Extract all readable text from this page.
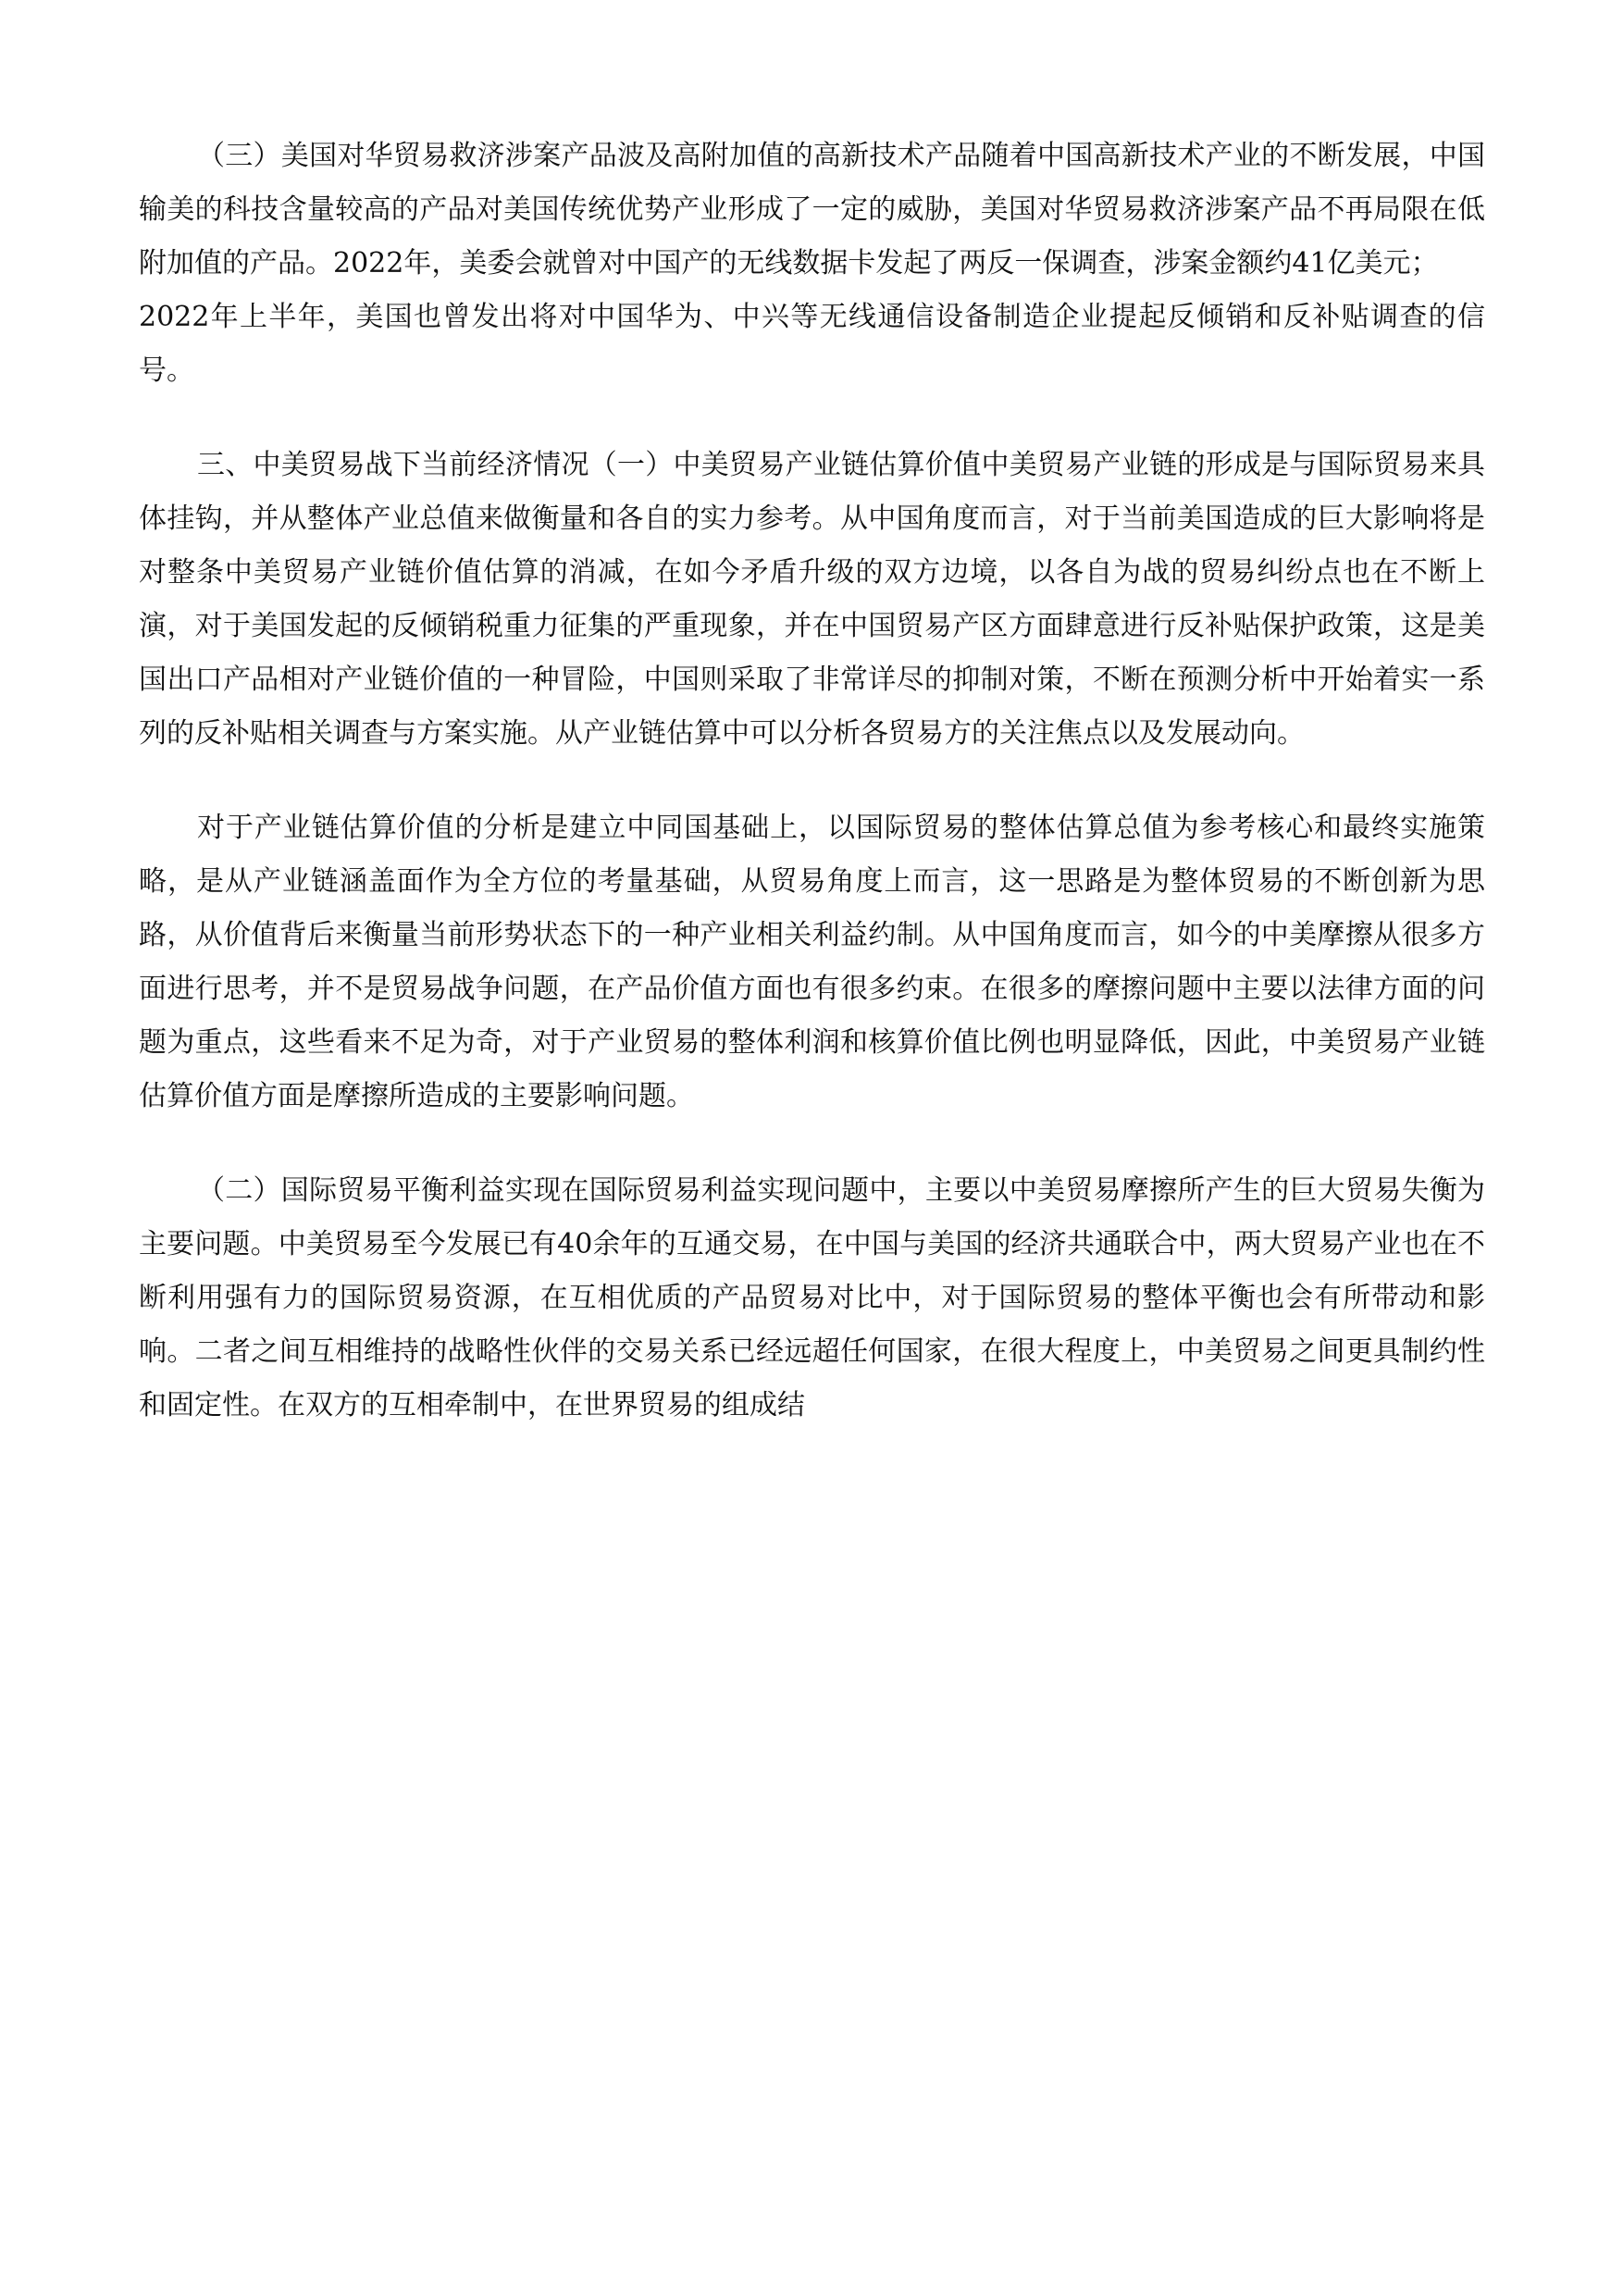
（三）美国对华贸易救济涉案产品波及高附加值的高新技术产品随着中国高新技术产业的不断发展，中国输美的科技含量较高的产品对美国传统优势产业形成了一定的威胁，美国对华贸易救济涉案产品不再局限在低附加值的产品。2022年，美委会就曾对中国产的无线数据卡发起了两反一保调查，涉案金额约41亿美元；

2022年上半年，美国也曾发出将对中国华为、中兴等无线通信设备制造企业提起反倾销和反补贴调查的信号。

三、中美贸易战下当前经济情况（一）中美贸易产业链估算价值中美贸易产业链的形成是与国际贸易来具体挂钩，并从整体产业总值来做衡量和各自的实力参考。从中国角度而言，对于当前美国造成的巨大影响将是对整条中美贸易产业链价值估算的消减，在如今矛盾升级的双方边境，以各自为战的贸易纠纷点也在不断上演，对于美国发起的反倾销税重力征集的严重现象，并在中国贸易产区方面肆意进行反补贴保护政策，这是美国出口产品相对产业链价值的一种冒险，中国则采取了非常详尽的抑制对策，不断在预测分析中开始着实一系列的反补贴相关调查与方案实施。从产业链估算中可以分析各贸易方的关注焦点以及发展动向。

对于产业链估算价值的分析是建立中同国基础上，以国际贸易的整体估算总值为参考核心和最终实施策略，是从产业链涵盖面作为全方位的考量基础，从贸易角度上而言，这一思路是为整体贸易的不断创新为思路，从价值背后来衡量当前形势状态下的一种产业相关利益约制。从中国角度而言，如今的中美摩擦从很多方面进行思考，并不是贸易战争问题，在产品价值方面也有很多约束。在很多的摩擦问题中主要以法律方面的问题为重点，这些看来不足为奇，对于产业贸易的整体利润和核算价值比例也明显降低，因此，中美贸易产业链估算价值方面是摩擦所造成的主要影响问题。

（二）国际贸易平衡利益实现在国际贸易利益实现问题中，主要以中美贸易摩擦所产生的巨大贸易失衡为主要问题。中美贸易至今发展已有40余年的互通交易，在中国与美国的经济共通联合中，两大贸易产业也在不断利用强有力的国际贸易资源，在互相优质的产品贸易对比中，对于国际贸易的整体平衡也会有所带动和影响。二者之间互相维持的战略性伙伴的交易关系已经远超任何国家，在很大程度上，中美贸易之间更具制约性和固定性。在双方的互相牵制中，在世界贸易的组成结
